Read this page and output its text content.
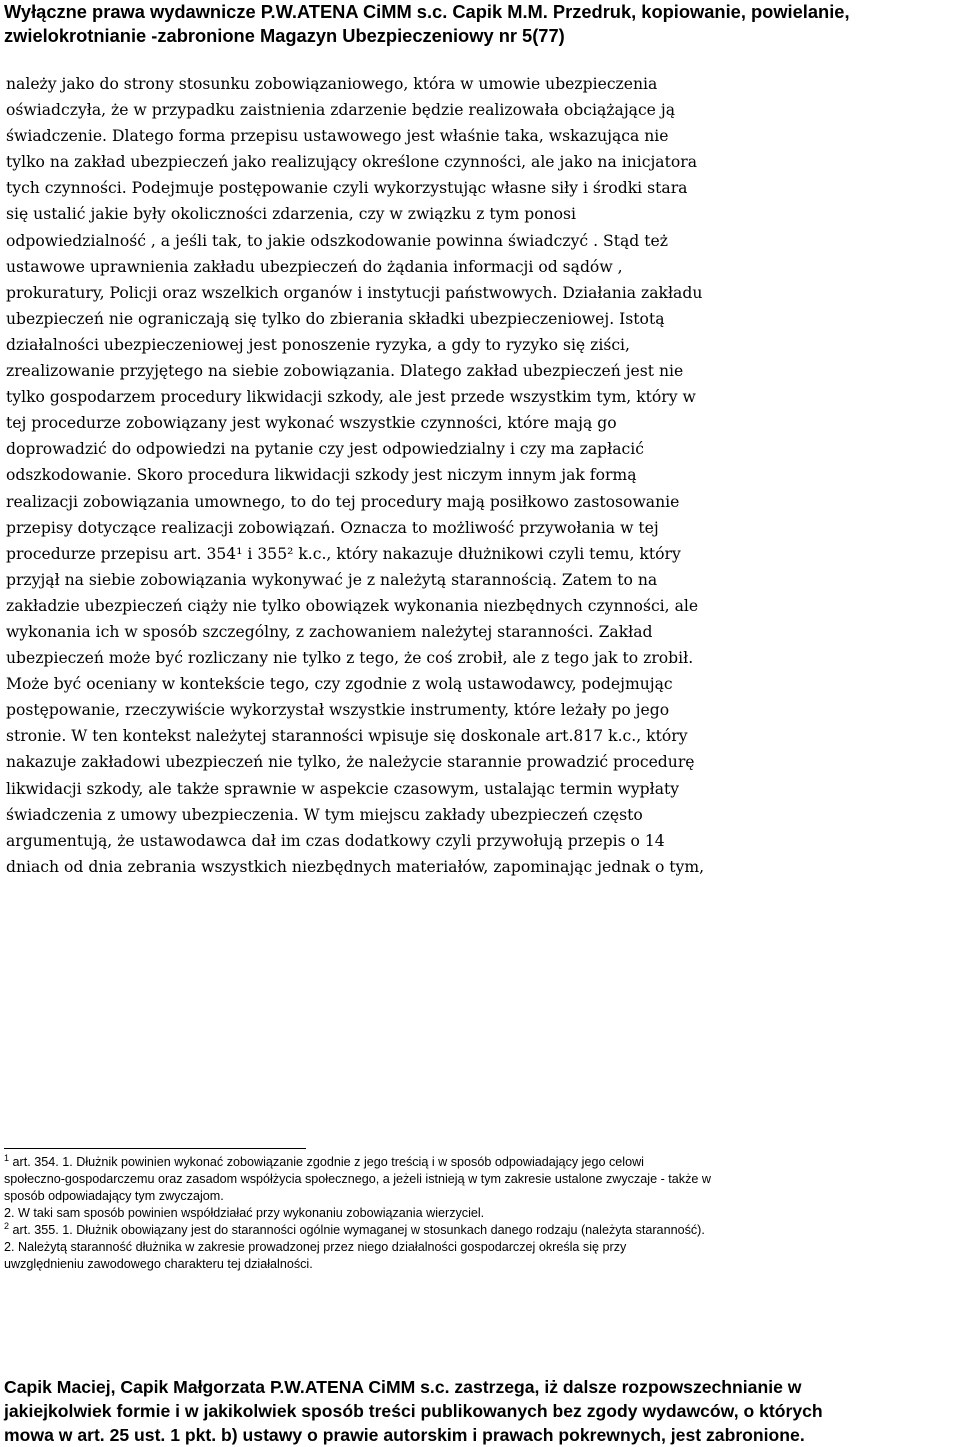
Wyłączne prawa wydawnicze P.W.ATENA CiMM s.c. Capik M.M. Przedruk, kopiowanie, powielanie,
zwielokrotnianie -zabronione Magazyn Ubezpieczeniowy nr 5(77)
należy jako do strony stosunku zobowiązaniowego, która w umowie ubezpieczenia
oświadczyła, że w przypadku zaistnienia zdarzenie będzie realizowała obciążające ją
świadczenie. Dlatego forma przepisu ustawowego jest właśnie taka, wskazująca nie
tylko na zakład ubezpieczeń jako realizujący określone czynności, ale jako na inicjatora
tych czynności. Podejmuje postępowanie czyli wykorzystując własne siły i środki stara
się ustalić jakie były okoliczności zdarzenia, czy w związku z tym ponosi
odpowiedzialność , a jeśli tak, to jakie odszkodowanie powinna świadczyć . Stąd też
ustawowe uprawnienia zakładu ubezpieczeń do żądania informacji od sądów ,
prokuratury, Policji oraz wszelkich organów i instytucji państwowych. Działania zakładu
ubezpieczeń nie ograniczają się tylko do zbierania składki ubezpieczeniowej. Istotą
działalności ubezpieczeniowej jest ponoszenie ryzyka, a gdy to ryzyko się ziści,
zrealizowanie przyjętego na siebie zobowiązania. Dlatego zakład ubezpieczeń jest nie
tylko gospodarzem procedury likwidacji szkody, ale jest przede wszystkim tym, który w
tej procedurze zobowiązany jest wykonać wszystkie czynności, które mają go
doprowadzić do odpowiedzi na pytanie czy jest odpowiedzialny i czy ma zapłacić
odszkodowanie. Skoro procedura likwidacji szkody jest niczym innym jak formą
realizacji zobowiązania umownego, to do tej procedury mają posiłkowo zastosowanie
przepisy dotyczące realizacji zobowiązań. Oznacza to możliwość przywołania w tej
procedurze przepisu art. 354¹ i 355² k.c., który nakazuje dłużnikowi czyli temu, który
przyjął na siebie zobowiązania wykonywać je z należytą starannością. Zatem to na
zakładzie ubezpieczeń ciąży nie tylko obowiązek wykonania niezbędnych czynności, ale
wykonania ich w sposób szczególny, z zachowaniem należytej staranności. Zakład
ubezpieczeń może być rozliczany nie tylko z tego, że coś zrobił, ale z tego jak to zrobił.
Może być oceniany w kontekście tego, czy zgodnie z wolą ustawodawcy, podejmując
postępowanie, rzeczywiście wykorzystał wszystkie instrumenty, które leżały po jego
stronie. W ten kontekst należytej staranności wpisuje się doskonale art.817 k.c., który
nakazuje zakładowi ubezpieczeń nie tylko, że należycie starannie prowadzić procedurę
likwidacji szkody, ale także sprawnie w aspekcie czasowym, ustalając termin wypłaty
świadczenia z umowy ubezpieczenia. W tym miejscu zakłady ubezpieczeń często
argumentują, że ustawodawca dał im czas dodatkowy czyli przywołują przepis o 14
dniach od dnia zebrania wszystkich niezbędnych materiałów, zapominając jednak o tym,
$^1$ art. 354. 1. Dłużnik powinien wykonać zobowiązanie zgodnie z jego treścią i w sposób odpowiadający jego celowi
społeczno-gospodarczemu oraz zasadom współżycia społecznego, a jeżeli istnieją w tym zakresie ustalone zwyczaje - także w
sposób odpowiadający tym zwyczajom.
2. W taki sam sposób powinien współdziałać przy wykonaniu zobowiązania wierzyciel.
$^2$ art. 355. 1. Dłużnik obowiązany jest do staranności ogólnie wymaganej w stosunkach danego rodzaju (należyta staranność).
2. Należytą staranność dłużnika w zakresie prowadzonej przez niego działalności gospodarczej określa się przy
uwzględnieniu zawodowego charakteru tej działalności.
Capik Maciej, Capik Małgorzata P.W.ATENA CiMM s.c. zastrzega, iż dalsze rozpowszechnianie w
jakiejkolwiek formie i w jakikolwiek sposób treści publikowanych bez zgody wydawców, o których
mowa w art. 25 ust. 1 pkt. b) ustawy o prawie autorskim i prawach pokrewnych, jest zabronione.
